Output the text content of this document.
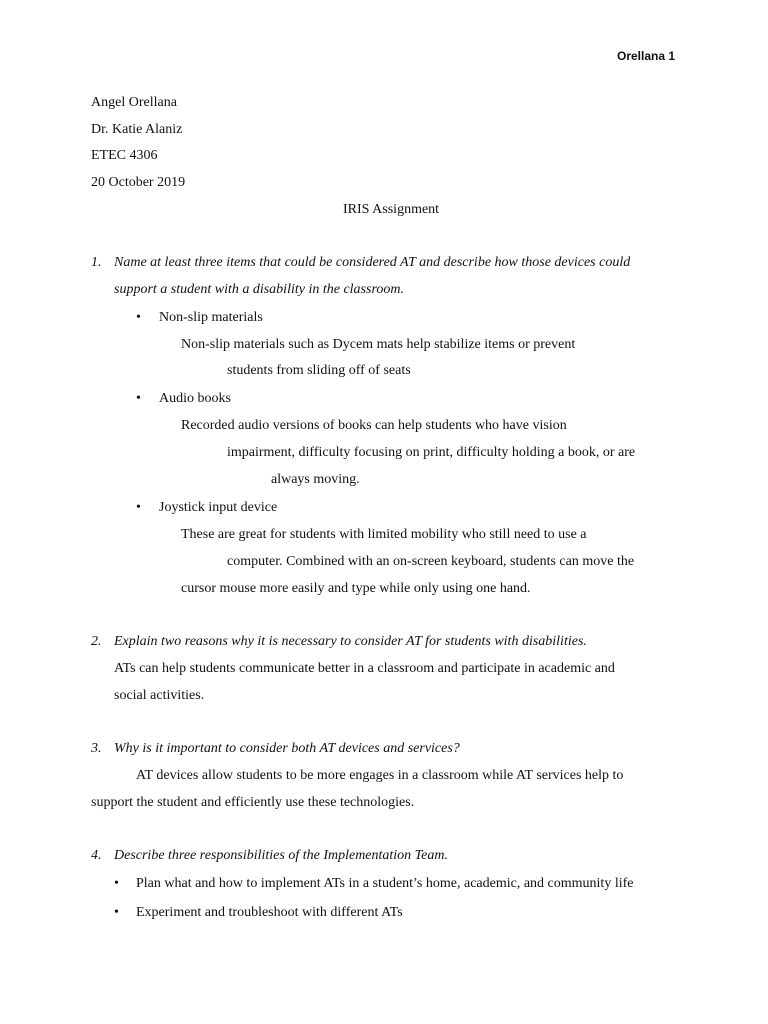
Orellana 1

Angel Orellana

Dr. Katie Alaniz

ETEC 4306

20 October 2019

IRIS Assignment

1. Name at least three items that could be considered AT and describe how those devices could

support a student with a disability in the classroom.

• Non-slip materials

Non-slip materials such as Dycem mats help stabilize items or prevent

students from sliding off of seats

• Audio books

Recorded audio versions of books can help students who have vision

impairment, difficulty focusing on print, difficulty holding a book, or are

always moving.

• Joystick input device

These are great for students with limited mobility who still need to use a

computer. Combined with an on-screen keyboard, students can move the

cursor mouse more easily and type while only using one hand.

2. Explain two reasons why it is necessary to consider AT for students with disabilities.

ATs can help students communicate better in a classroom and participate in academic and

social activities.

3. Why is it important to consider both AT devices and services?

AT devices allow students to be more engages in a classroom while AT services help to

support the student and efficiently use these technologies.

4. Describe three responsibilities of the Implementation Team.

• Plan what and how to implement ATs in a student’s home, academic, and community life

• Experiment and troubleshoot with different ATs
